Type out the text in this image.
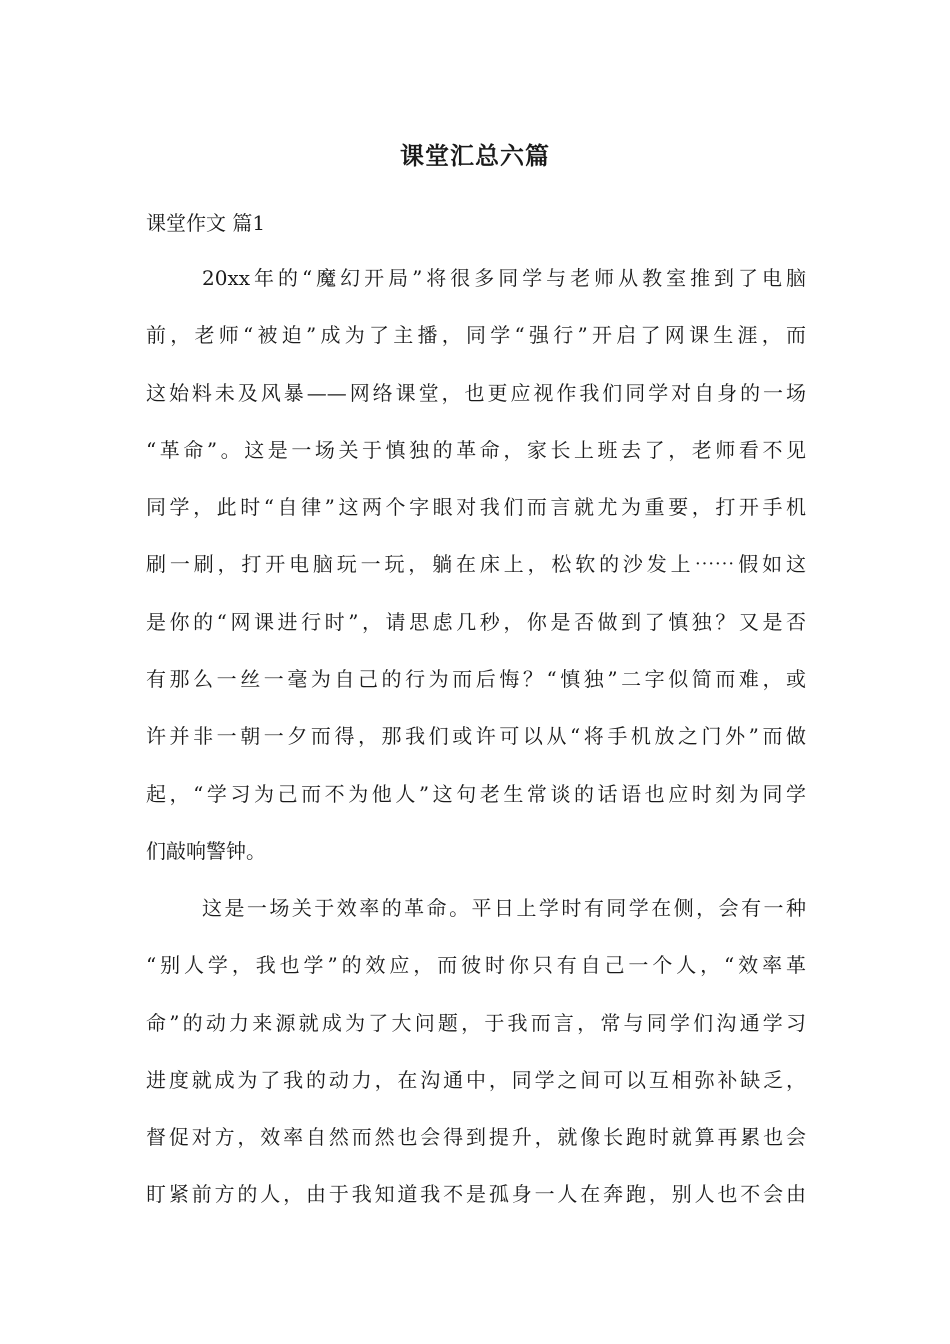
课堂汇总六篇
课堂作文 篇1

20xx年的“魔幻开局”将很多同学与老师从教室推到了电脑
前，老师“被迫”成为了主播，同学“强行”开启了网课生涯，而
这始料未及风暴——网络课堂，也更应视作我们同学对自身的一场
“革命”。这是一场关于慎独的革命，家长上班去了，老师看不见
同学，此时“自律”这两个字眼对我们而言就尤为重要，打开手机
刷一刷，打开电脑玩一玩，躺在床上，松软的沙发上⋯⋯假如这
是你的“网课进行时”，请思虑几秒，你是否做到了慎独？又是否
有那么一丝一毫为自己的行为而后悔？“慎独”二字似简而难，或
许并非一朝一夕而得，那我们或许可以从“将手机放之门外”而做
起，“学习为己而不为他人”这句老生常谈的话语也应时刻为同学
们敲响警钟。

这是一场关于效率的革命。平日上学时有同学在侧，会有一种
“别人学，我也学”的效应，而彼时你只有自己一个人，“效率革
命”的动力来源就成为了大问题，于我而言，常与同学们沟通学习
进度就成为了我的动力，在沟通中，同学之间可以互相弥补缺乏，
督促对方，效率自然而然也会得到提升，就像长跑时就算再累也会
盯紧前方的人，由于我知道我不是孤身一人在奔跑，别人也不会由
